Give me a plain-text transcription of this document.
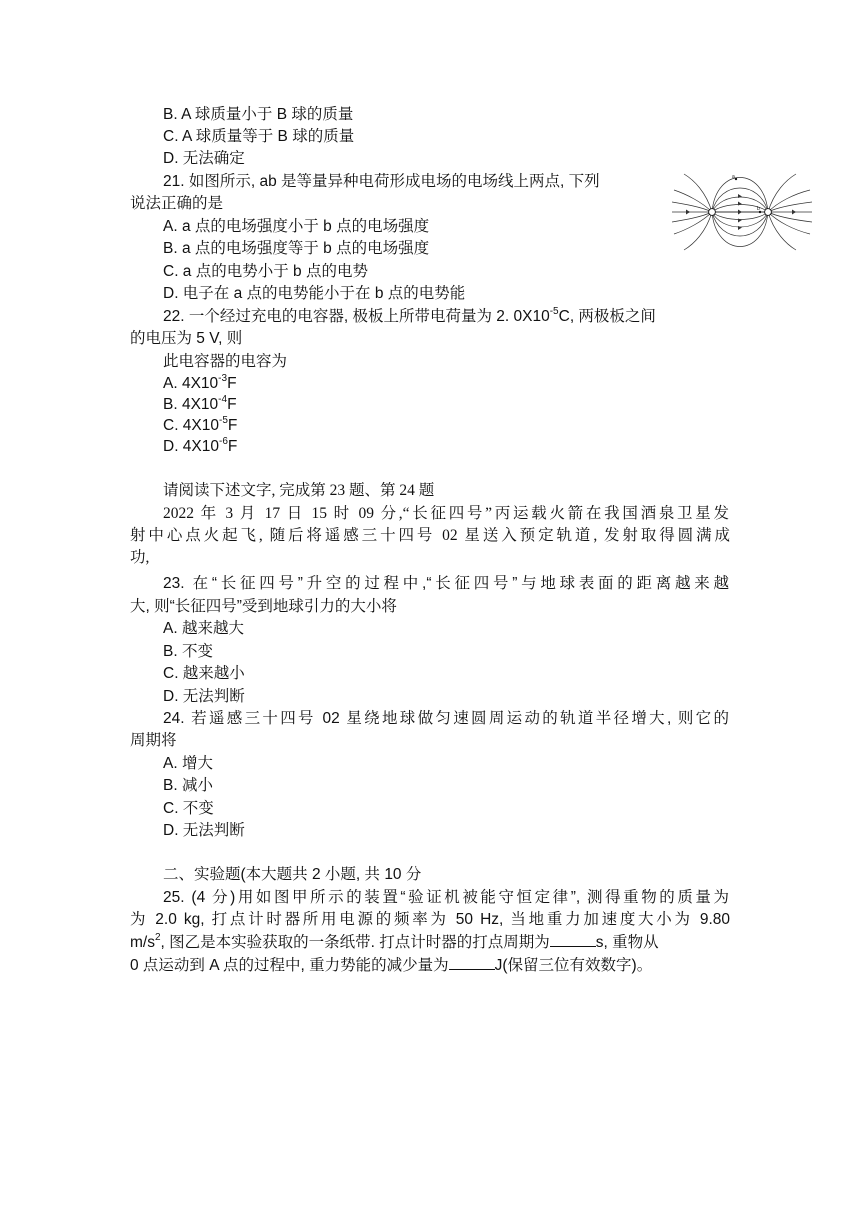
B. A 球质量小于 B 球的质量
C. A 球质量等于 B 球的质量
D. 无法确定
21. 如图所示, ab 是等量异种电荷形成电场的电场线上两点, 下列
说法正确的是
A. a 点的电场强度小于 b 点的电场强度
B. a 点的电场强度等于 b 点的电场强度
C. a 点的电势小于 b 点的电势
D. 电子在 a 点的电势能小于在 b 点的电势能
a
b
22. 一个经过充电的电容器, 极板上所带电荷量为 2. $0X10^{-5}C$, 两极板之间
的电压为 5 V, 则
此电容器的电容为
A. $4X10^{-3}F$
B. $4X10^{-4}F$
C. $4X10^{-5}F$
D. $4X10^{-6}F$
请阅读下述文字, 完成第 23 题、第 24 题
2022 年 3 月 17 日 15 时 09 分,“长征四号”丙运载火箭在我国酒泉卫星发
射中心点火起飞, 随后将遥感三十四号 02 星送入预定轨道, 发射取得圆满成
功,
23. 在“长征四号”升空的过程中,“长征四号”与地球表面的距离越来越
大, 则“长征四号”受到地球引力的大小将
A. 越来越大
B. 不变
C. 越来越小
D. 无法判断
24. 若遥感三十四号 02 星绕地球做匀速圆周运动的轨道半径增大, 则它的
周期将
A. 增大
B. 减小
C. 不变
D. 无法判断
二、实验题(本大题共 2 小题, 共 10 分
25. (4 分)用如图甲所示的装置“验证机被能守恒定律”, 测得重物的质量为
为 2.0 kg, 打点计时器所用电源的频率为 50 Hz, 当地重力加速度大小为 9.80
$m/s^2$, 图乙是本实验获取的一条纸带. 打点计时器的打点周期为	s, 重物从
0 点运动到 A 点的过程中, 重力势能的减少量为	J(保留三位有效数字)。
